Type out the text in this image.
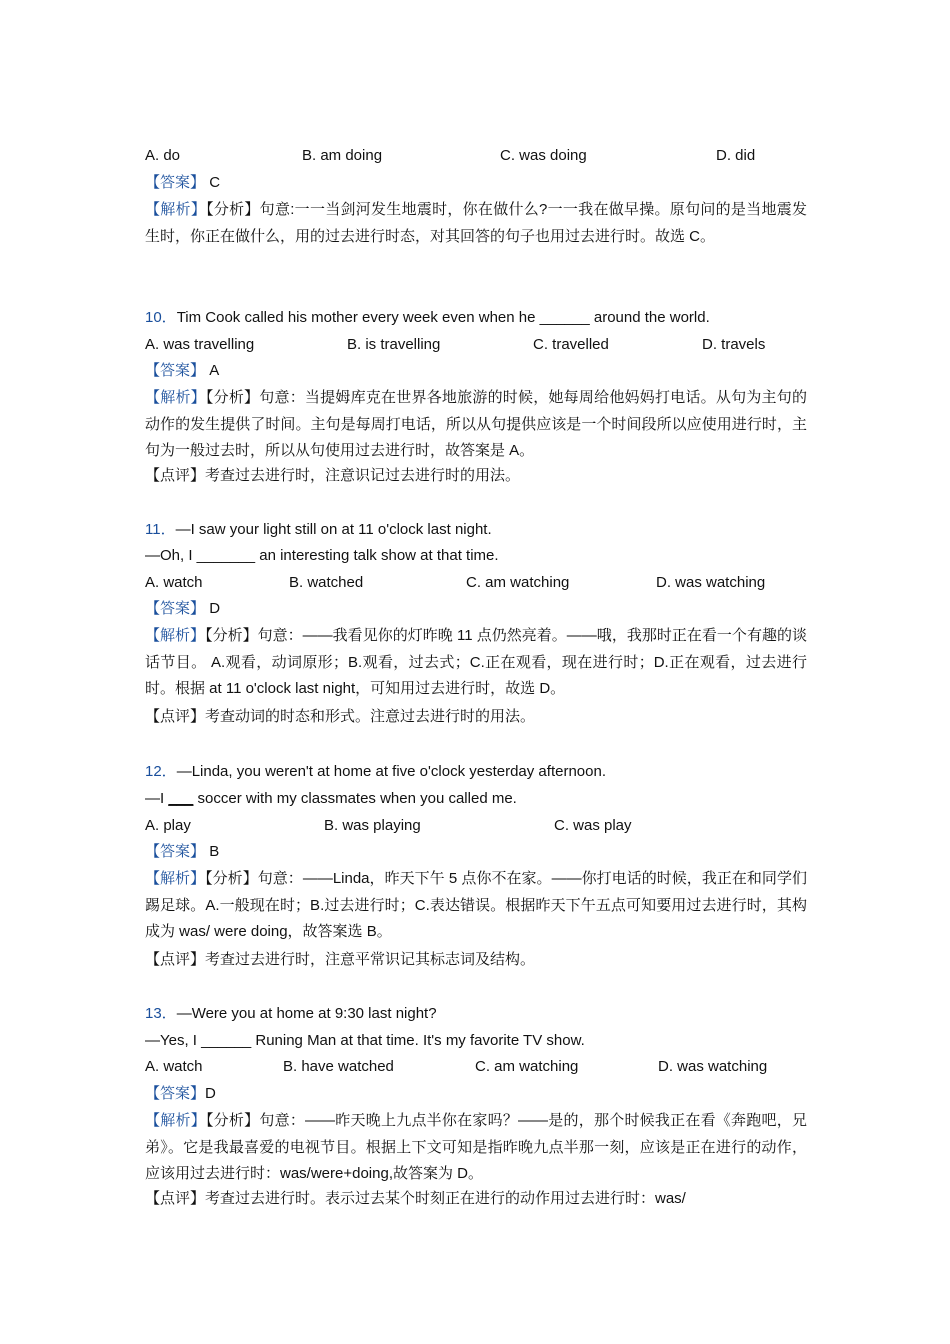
A. do	B. am doing	C. was doing	D. did
【答案】 C
【解析】【分析】句意:一一当剑河发生地震时，你在做什么?一一我在做早操。原句问的是当地震发生时，你正在做什么，用的过去进行时态，对其回答的句子也用过去进行时。故选 C。
10．Tim Cook called his mother every week even when he ______ around the world.
A. was travelling	B. is travelling	C. travelled	D. travels
【答案】 A
【解析】【分析】句意：当提姆库克在世界各地旅游的时候，她每周给他妈妈打电话。从句为主句的动作的发生提供了时间。主句是每周打电话，所以从句提供应该是一个时间段所以应使用进行时，主句为一般过去时，所以从句使用过去进行时，故答案是 A。
【点评】考查过去进行时，注意识记过去进行时的用法。
11．—I saw your light still on at 11 o'clock last night.
—Oh, I _______ an interesting talk show at that time.
A. watch	B. watched	C. am watching	D. was watching
【答案】 D
【解析】【分析】句意：——我看见你的灯昨晚 11 点仍然亮着。——哦，我那时正在看一个有趣的谈话节目。 A.观看，动词原形；B.观看，过去式；C.正在观看，现在进行时；D.正在观看，过去进行时。根据 at 11 o'clock last night，可知用过去进行时，故选 D。
【点评】考查动词的时态和形式。注意过去进行时的用法。
12．—Linda, you weren't at home at five o'clock yesterday afternoon.
—I ___ soccer with my classmates when you called me.
A. play	B. was playing	C. was play
【答案】 B
【解析】【分析】句意：——Linda，昨天下午 5 点你不在家。——你打电话的时候，我正在和同学们踢足球。A.一般现在时；B.过去进行时；C.表达错误。根据昨天下午五点可知要用过去进行时，其构成为 was/ were doing，故答案选 B。
【点评】考查过去进行时，注意平常识记其标志词及结构。
13．—Were you at home at 9:30 last night?
—Yes, I ______ Runing Man at that time. It's my favorite TV show.
A. watch	B. have watched	C. am watching	D. was watching
【答案】D
【解析】【分析】句意：——昨天晚上九点半你在家吗？——是的，那个时候我正在看《奔跑吧，兄弟》。它是我最喜爱的电视节目。根据上下文可知是指昨晚九点半那一刻，应该是正在进行的动作，应该用过去进行时：was/were+doing,故答案为 D。
【点评】考查过去进行时。表示过去某个时刻正在进行的动作用过去进行时：was/
